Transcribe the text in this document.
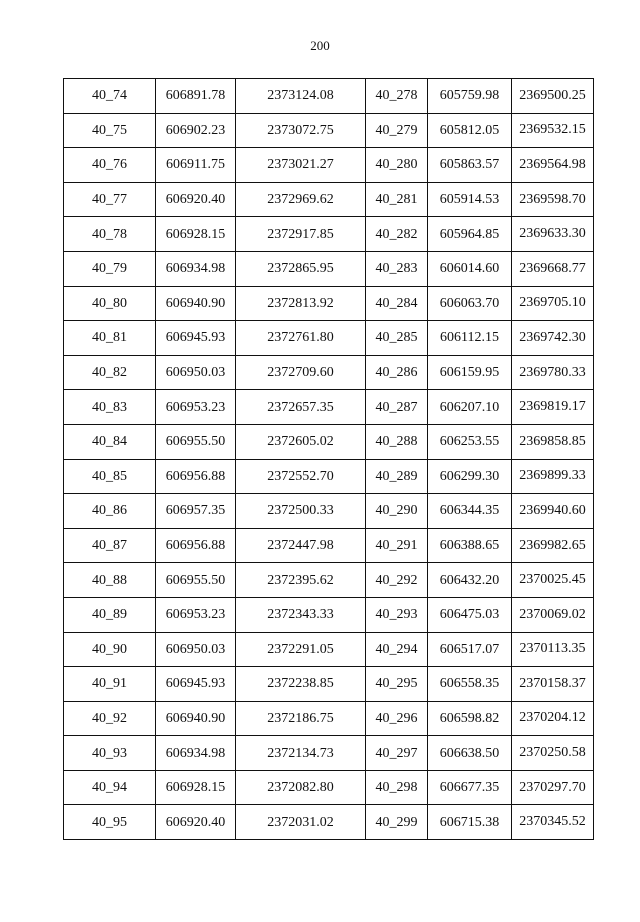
200
40_74	606891.78	2373124.08	40_278	605759.98	2369500.25
40_75	606902.23	2373072.75	40_279	605812.05	2369532.15
40_76	606911.75	2373021.27	40_280	605863.57	2369564.98
40_77	606920.40	2372969.62	40_281	605914.53	2369598.70
40_78	606928.15	2372917.85	40_282	605964.85	2369633.30
40_79	606934.98	2372865.95	40_283	606014.60	2369668.77
40_80	606940.90	2372813.92	40_284	606063.70	2369705.10
40_81	606945.93	2372761.80	40_285	606112.15	2369742.30
40_82	606950.03	2372709.60	40_286	606159.95	2369780.33
40_83	606953.23	2372657.35	40_287	606207.10	2369819.17
40_84	606955.50	2372605.02	40_288	606253.55	2369858.85
40_85	606956.88	2372552.70	40_289	606299.30	2369899.33
40_86	606957.35	2372500.33	40_290	606344.35	2369940.60
40_87	606956.88	2372447.98	40_291	606388.65	2369982.65
40_88	606955.50	2372395.62	40_292	606432.20	2370025.45
40_89	606953.23	2372343.33	40_293	606475.03	2370069.02
40_90	606950.03	2372291.05	40_294	606517.07	2370113.35
40_91	606945.93	2372238.85	40_295	606558.35	2370158.37
40_92	606940.90	2372186.75	40_296	606598.82	2370204.12
40_93	606934.98	2372134.73	40_297	606638.50	2370250.58
40_94	606928.15	2372082.80	40_298	606677.35	2370297.70
40_95	606920.40	2372031.02	40_299	606715.38	2370345.52
